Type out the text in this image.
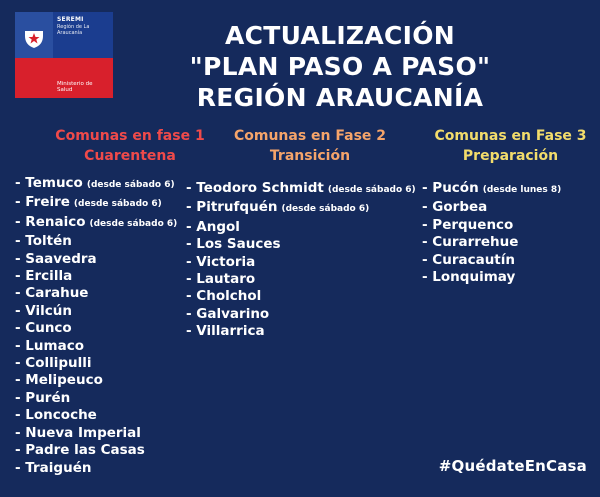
SEREMI
Región de La Araucanía
Ministerio de Salud
ACTUALIZACIÓN
"PLAN PASO A PASO"
REGIÓN ARAUCANÍA
Comunas en fase 1
Cuarentena
Comunas en Fase 2
Transición
Comunas en Fase 3
Preparación
- Temuco (desde sábado 6)
- Freire (desde sábado 6)
- Renaico (desde sábado 6)
- Toltén
- Saavedra
- Ercilla
- Carahue
- Vilcún
- Cunco
- Lumaco
- Collipulli
- Melipeuco
- Purén
- Loncoche
- Nueva Imperial
- Padre las Casas
- Traiguén
- Teodoro Schmidt (desde sábado 6)
- Pitrufquén (desde sábado 6)
- Angol
- Los Sauces
- Victoria
- Lautaro
- Cholchol
- Galvarino
- Villarrica
- Pucón (desde lunes 8)
- Gorbea
- Perquenco
- Curarrehue
- Curacautín
- Lonquimay
#QuédateEnCasa
